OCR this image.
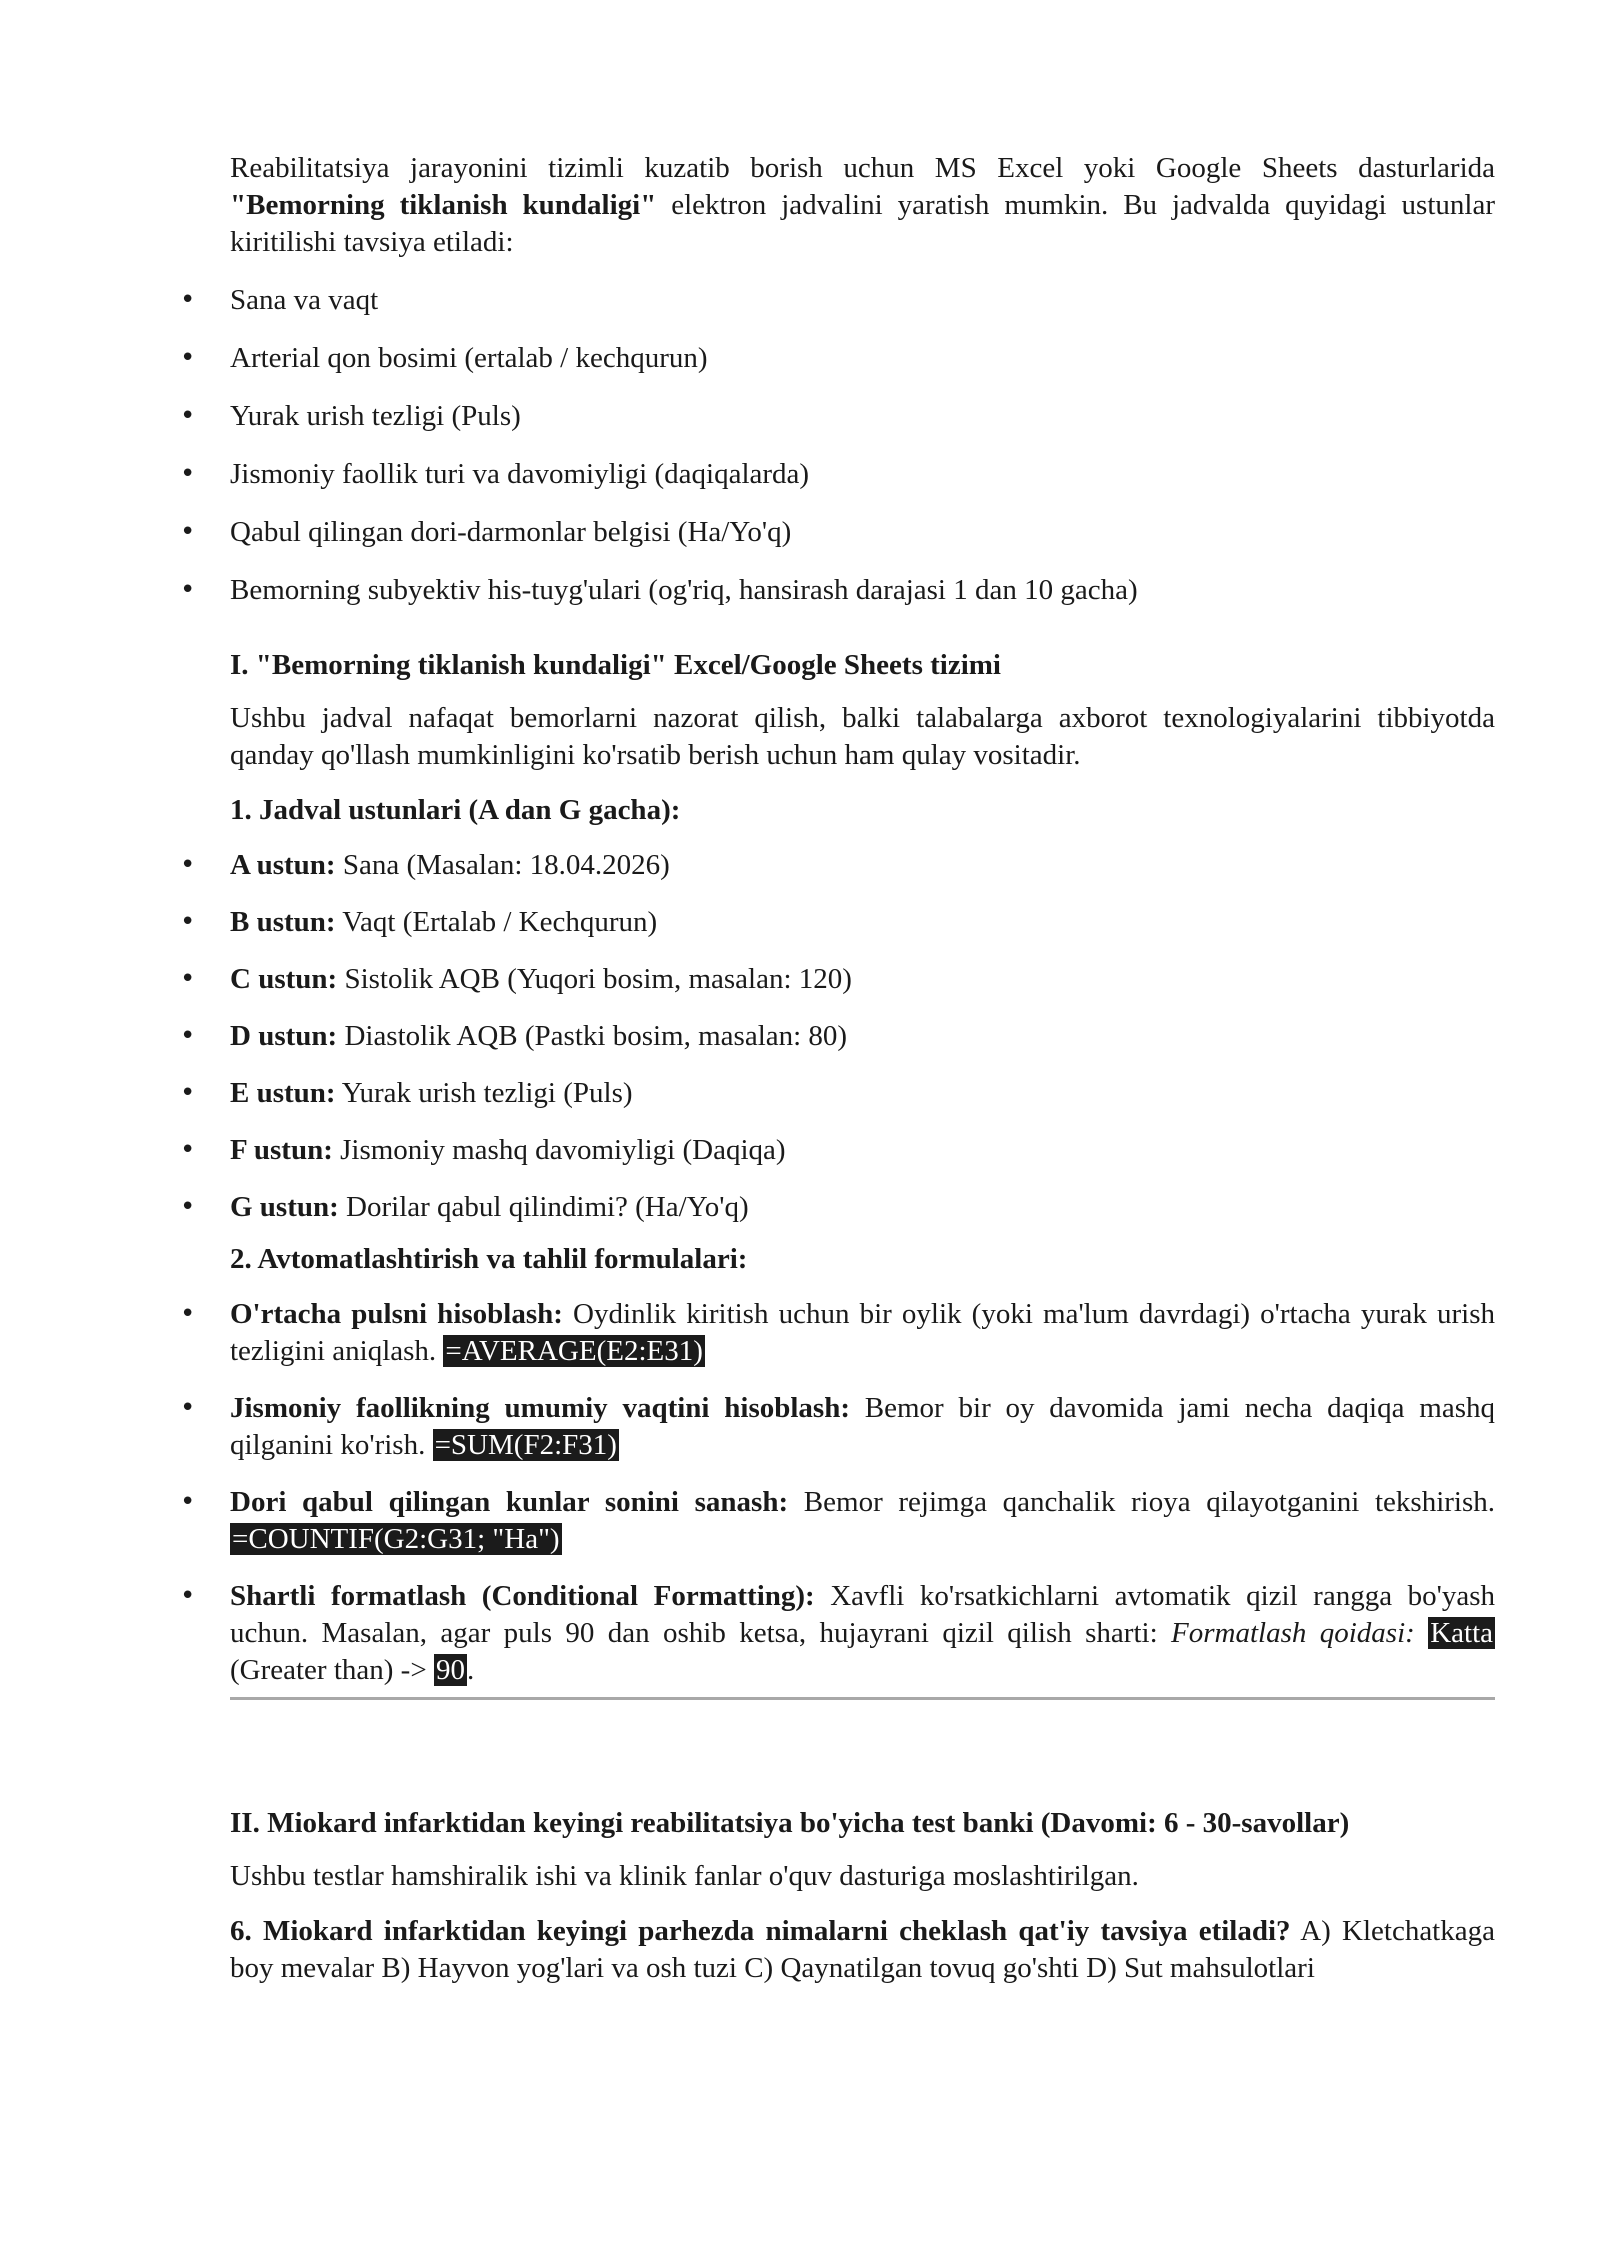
Reabilitatsiya jarayonini tizimli kuzatib borish uchun MS Excel yoki Google Sheets dasturlarida "Bemorning tiklanish kundaligi" elektron jadvalini yaratish mumkin. Bu jadvalda quyidagi ustunlar kiritilishi tavsiya etiladi:

• Sana va vaqt
• Arterial qon bosimi (ertalab / kechqurun)
• Yurak urish tezligi (Puls)
• Jismoniy faollik turi va davomiyligi (daqiqalarda)
• Qabul qilingan dori-darmonlar belgisi (Ha/Yo'q)
• Bemorning subyektiv his-tuyg'ulari (og'riq, hansirash darajasi 1 dan 10 gacha)

I. "Bemorning tiklanish kundaligi" Excel/Google Sheets tizimi

Ushbu jadval nafaqat bemorlarni nazorat qilish, balki talabalarga axborot texnologiyalarini tibbiyotda qanday qo'llash mumkinligini ko'rsatib berish uchun ham qulay vositadir.

1. Jadval ustunlari (A dan G gacha):

• A ustun: Sana (Masalan: 18.04.2026)
• B ustun: Vaqt (Ertalab / Kechqurun)
• C ustun: Sistolik AQB (Yuqori bosim, masalan: 120)
• D ustun: Diastolik AQB (Pastki bosim, masalan: 80)
• E ustun: Yurak urish tezligi (Puls)
• F ustun: Jismoniy mashq davomiyligi (Daqiqa)
• G ustun: Dorilar qabul qilindimi? (Ha/Yo'q)

2. Avtomatlashtirish va tahlil formulalari:

• O'rtacha pulsni hisoblash: Oydinlik kiritish uchun bir oylik (yoki ma'lum davrdagi) o'rtacha yurak urish tezligini aniqlash. =AVERAGE(E2:E31)
• Jismoniy faollikning umumiy vaqtini hisoblash: Bemor bir oy davomida jami necha daqiqa mashq qilganini ko'rish. =SUM(F2:F31)
• Dori qabul qilingan kunlar sonini sanash: Bemor rejimga qanchalik rioya qilayotganini tekshirish. =COUNTIF(G2:G31; "Ha")
• Shartli formatlash (Conditional Formatting): Xavfli ko'rsatkichlarni avtomatik qizil rangga bo'yash uchun. Masalan, agar puls 90 dan oshib ketsa, hujayrani qizil qilish sharti: Formatlash qoidasi: Katta (Greater than) -> 90.

II. Miokard infarktidan keyingi reabilitatsiya bo'yicha test banki (Davomi: 6 - 30-savollar)

Ushbu testlar hamshiralik ishi va klinik fanlar o'quv dasturiga moslashtirilgan.

6. Miokard infarktidan keyingi parhezda nimalarni cheklash qat'iy tavsiya etiladi? A) Kletchatkaga boy mevalar B) Hayvon yog'lari va osh tuzi C) Qaynatilgan tovuq go'shti D) Sut mahsulotlari
